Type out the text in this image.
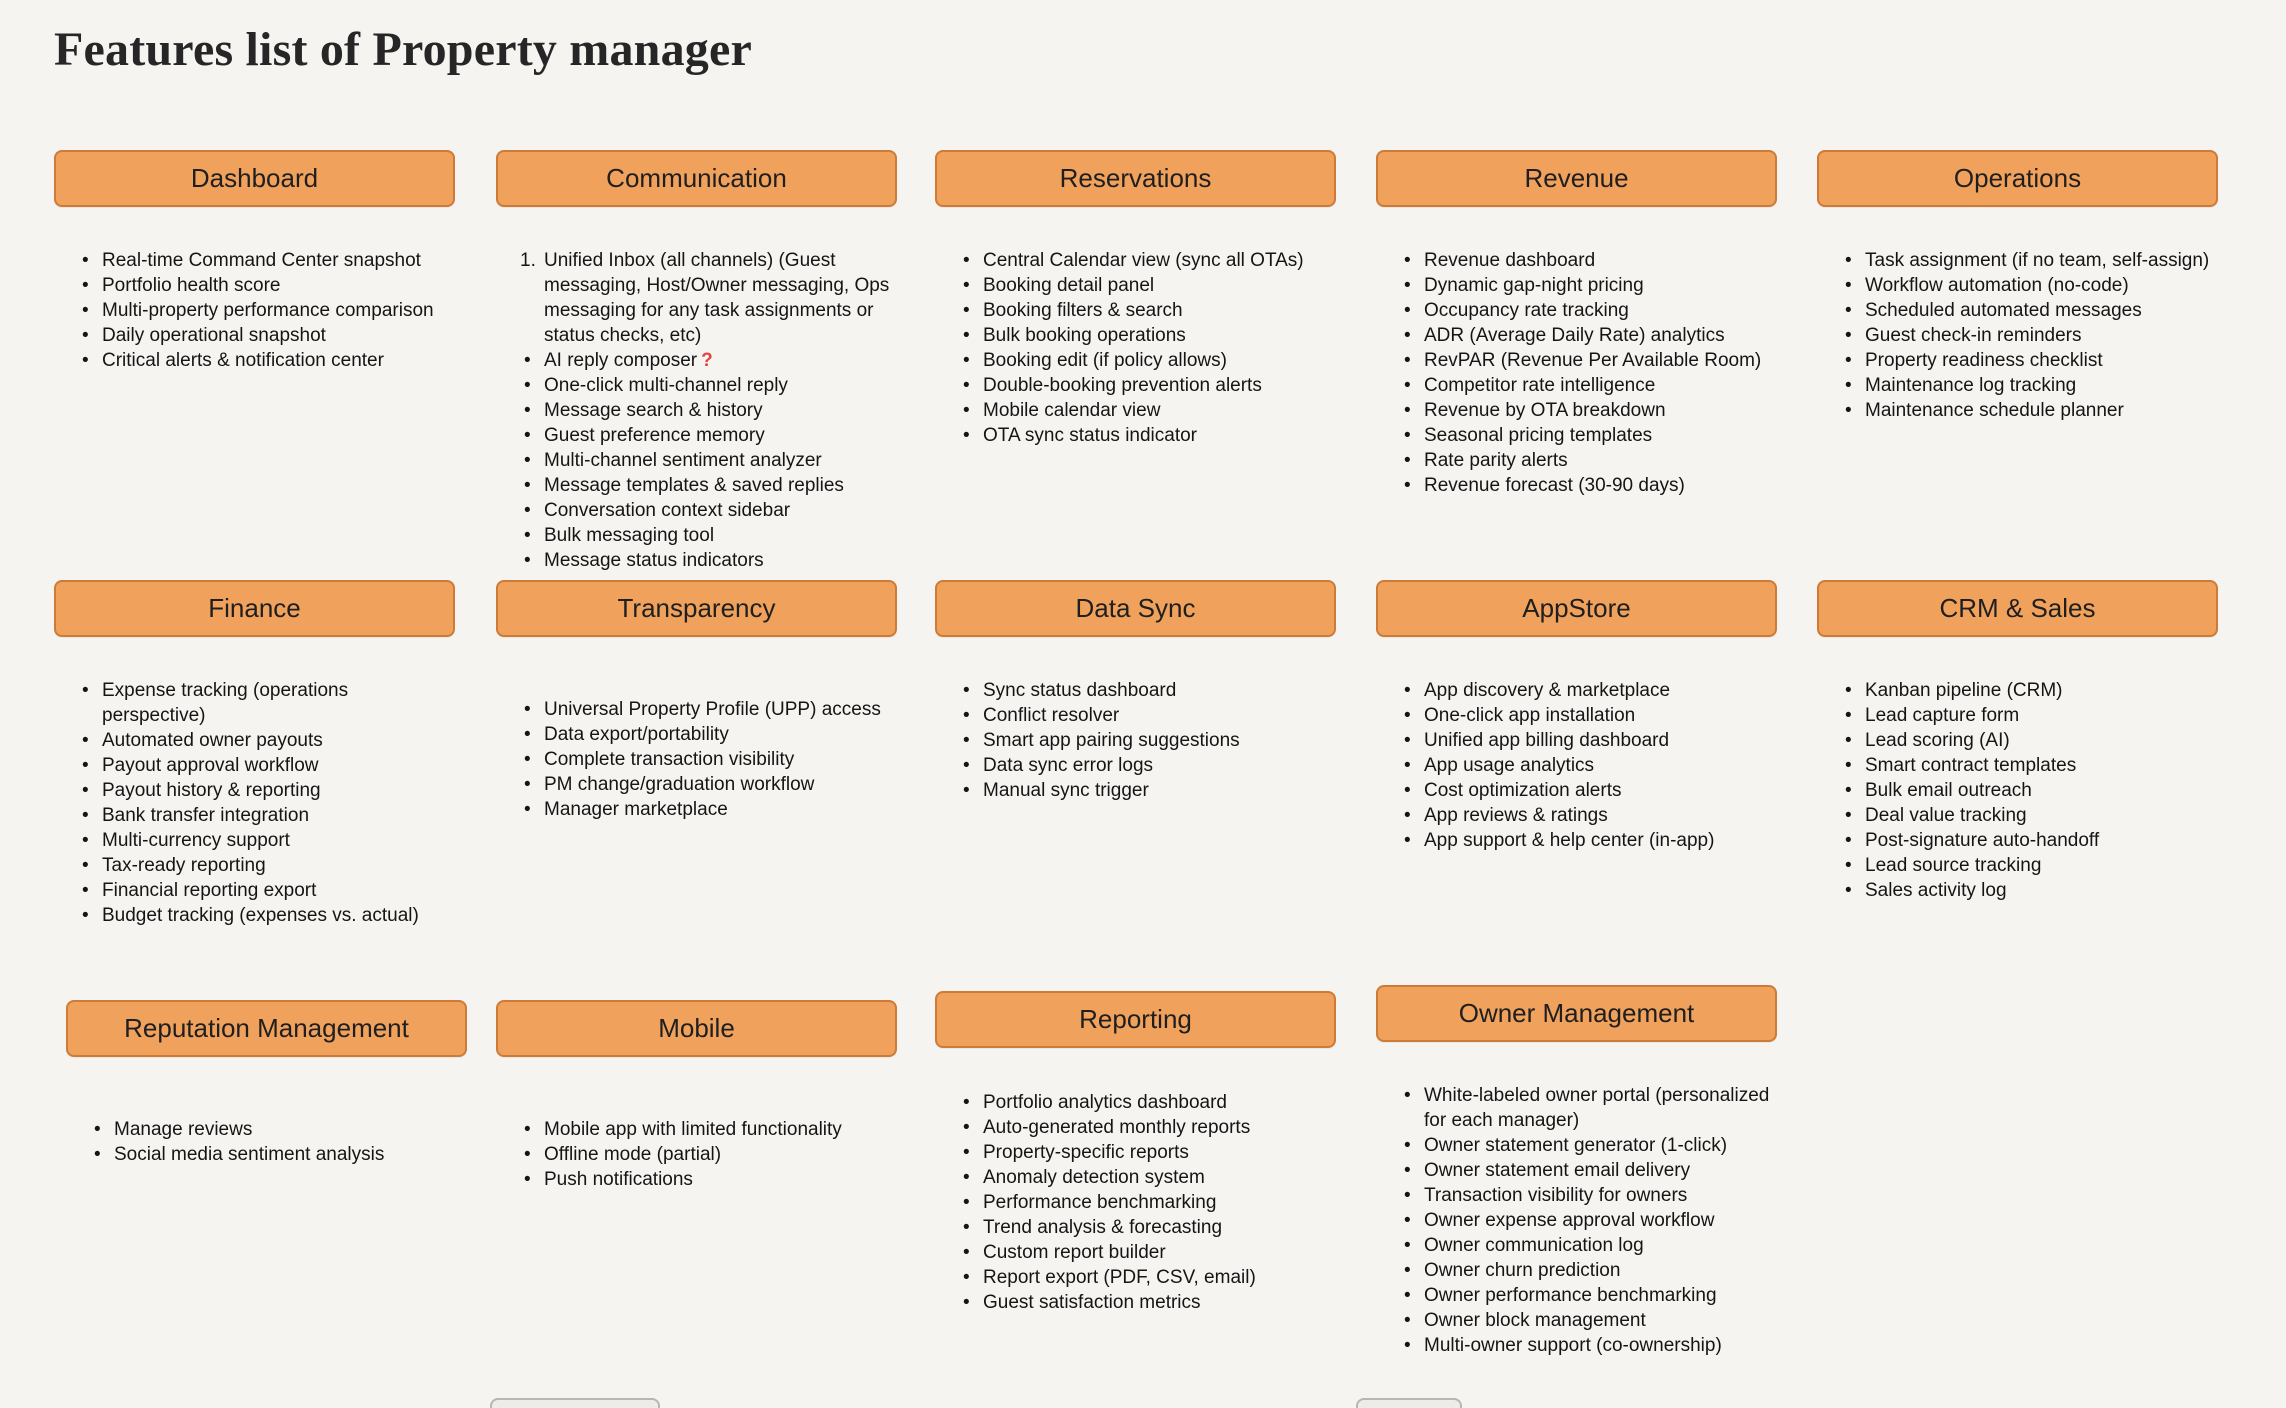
Features list of Property manager
Dashboard
• Real-time Command Center snapshot
• Portfolio health score
• Multi-property performance comparison
• Daily operational snapshot
• Critical alerts & notification center
Communication
1. Unified Inbox (all channels) (Guest messaging, Host/Owner messaging, Ops messaging for any task assignments or status checks, etc)
• AI reply composer ?
• One-click multi-channel reply
• Message search & history
• Guest preference memory
• Multi-channel sentiment analyzer
• Message templates & saved replies
• Conversation context sidebar
• Bulk messaging tool
• Message status indicators
Reservations
• Central Calendar view (sync all OTAs)
• Booking detail panel
• Booking filters & search
• Bulk booking operations
• Booking edit (if policy allows)
• Double-booking prevention alerts
• Mobile calendar view
• OTA sync status indicator
Revenue
• Revenue dashboard
• Dynamic gap-night pricing
• Occupancy rate tracking
• ADR (Average Daily Rate) analytics
• RevPAR (Revenue Per Available Room)
• Competitor rate intelligence
• Revenue by OTA breakdown
• Seasonal pricing templates
• Rate parity alerts
• Revenue forecast (30-90 days)
Operations
• Task assignment (if no team, self-assign)
• Workflow automation (no-code)
• Scheduled automated messages
• Guest check-in reminders
• Property readiness checklist
• Maintenance log tracking
• Maintenance schedule planner
Finance
• Expense tracking (operations perspective)
• Automated owner payouts
• Payout approval workflow
• Payout history & reporting
• Bank transfer integration
• Multi-currency support
• Tax-ready reporting
• Financial reporting export
• Budget tracking (expenses vs. actual)
Transparency
• Universal Property Profile (UPP) access
• Data export/portability
• Complete transaction visibility
• PM change/graduation workflow
• Manager marketplace
Data Sync
• Sync status dashboard
• Conflict resolver
• Smart app pairing suggestions
• Data sync error logs
• Manual sync trigger
AppStore
• App discovery & marketplace
• One-click app installation
• Unified app billing dashboard
• App usage analytics
• Cost optimization alerts
• App reviews & ratings
• App support & help center (in-app)
CRM & Sales
• Kanban pipeline (CRM)
• Lead capture form
• Lead scoring (AI)
• Smart contract templates
• Bulk email outreach
• Deal value tracking
• Post-signature auto-handoff
• Lead source tracking
• Sales activity log
Reputation Management
• Manage reviews
• Social media sentiment analysis
Mobile
• Mobile app with limited functionality
• Offline mode (partial)
• Push notifications
Reporting
• Portfolio analytics dashboard
• Auto-generated monthly reports
• Property-specific reports
• Anomaly detection system
• Performance benchmarking
• Trend analysis & forecasting
• Custom report builder
• Report export (PDF, CSV, email)
• Guest satisfaction metrics
Owner Management
• White-labeled owner portal (personalized for each manager)
• Owner statement generator (1-click)
• Owner statement email delivery
• Transaction visibility for owners
• Owner expense approval workflow
• Owner communication log
• Owner churn prediction
• Owner performance benchmarking
• Owner block management
• Multi-owner support (co-ownership)
